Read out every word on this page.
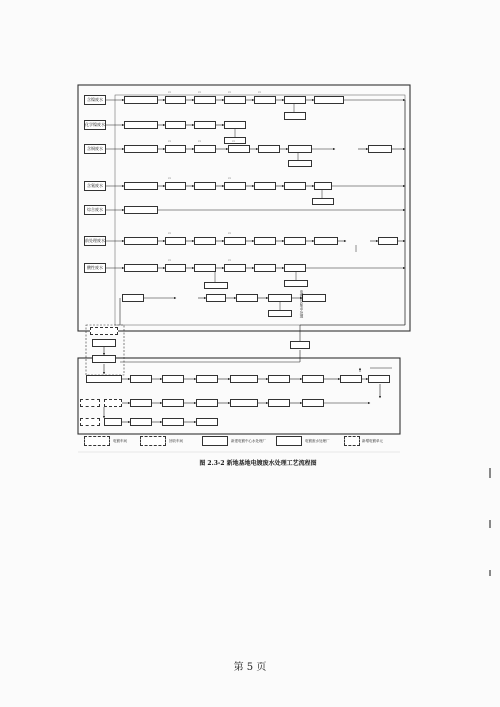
含镍废水
化学镍废水
含铜废水
含氰废水
综合废水
前处理废水
酸性废水
▭	▭	▭	▭
▭	▭	▭
▭	▭
▭	▭
▭	▭
电镀园区集中处理
电镀车间	回收车间	新建电镀中心水处理厂	电镀废水处理厂	新增电镀单元
图 2.3-2 新地基地电镀废水处理工艺流程图
第 5 页
